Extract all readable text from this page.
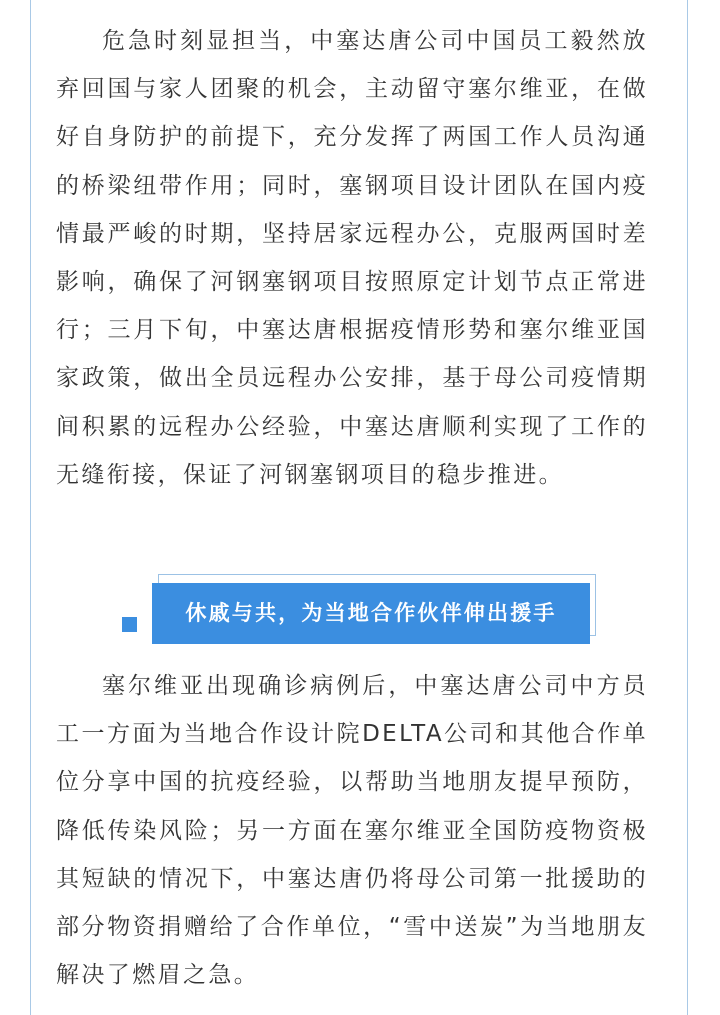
危急时刻显担当，中塞达唐公司中国员工毅然放弃回国与家人团聚的机会，主动留守塞尔维亚，在做好自身防护的前提下，充分发挥了两国工作人员沟通的桥梁纽带作用；同时，塞钢项目设计团队在国内疫情最严峻的时期，坚持居家远程办公，克服两国时差影响，确保了河钢塞钢项目按照原定计划节点正常进行；三月下旬，中塞达唐根据疫情形势和塞尔维亚国家政策，做出全员远程办公安排，基于母公司疫情期间积累的远程办公经验，中塞达唐顺利实现了工作的无缝衔接，保证了河钢塞钢项目的稳步推进。

休戚与共，为当地合作伙伴伸出援手

塞尔维亚出现确诊病例后，中塞达唐公司中方员工一方面为当地合作设计院DELTA公司和其他合作单位分享中国的抗疫经验，以帮助当地朋友提早预防，降低传染风险；另一方面在塞尔维亚全国防疫物资极其短缺的情况下，中塞达唐仍将母公司第一批援助的部分物资捐赠给了合作单位，“雪中送炭”为当地朋友解决了燃眉之急。
